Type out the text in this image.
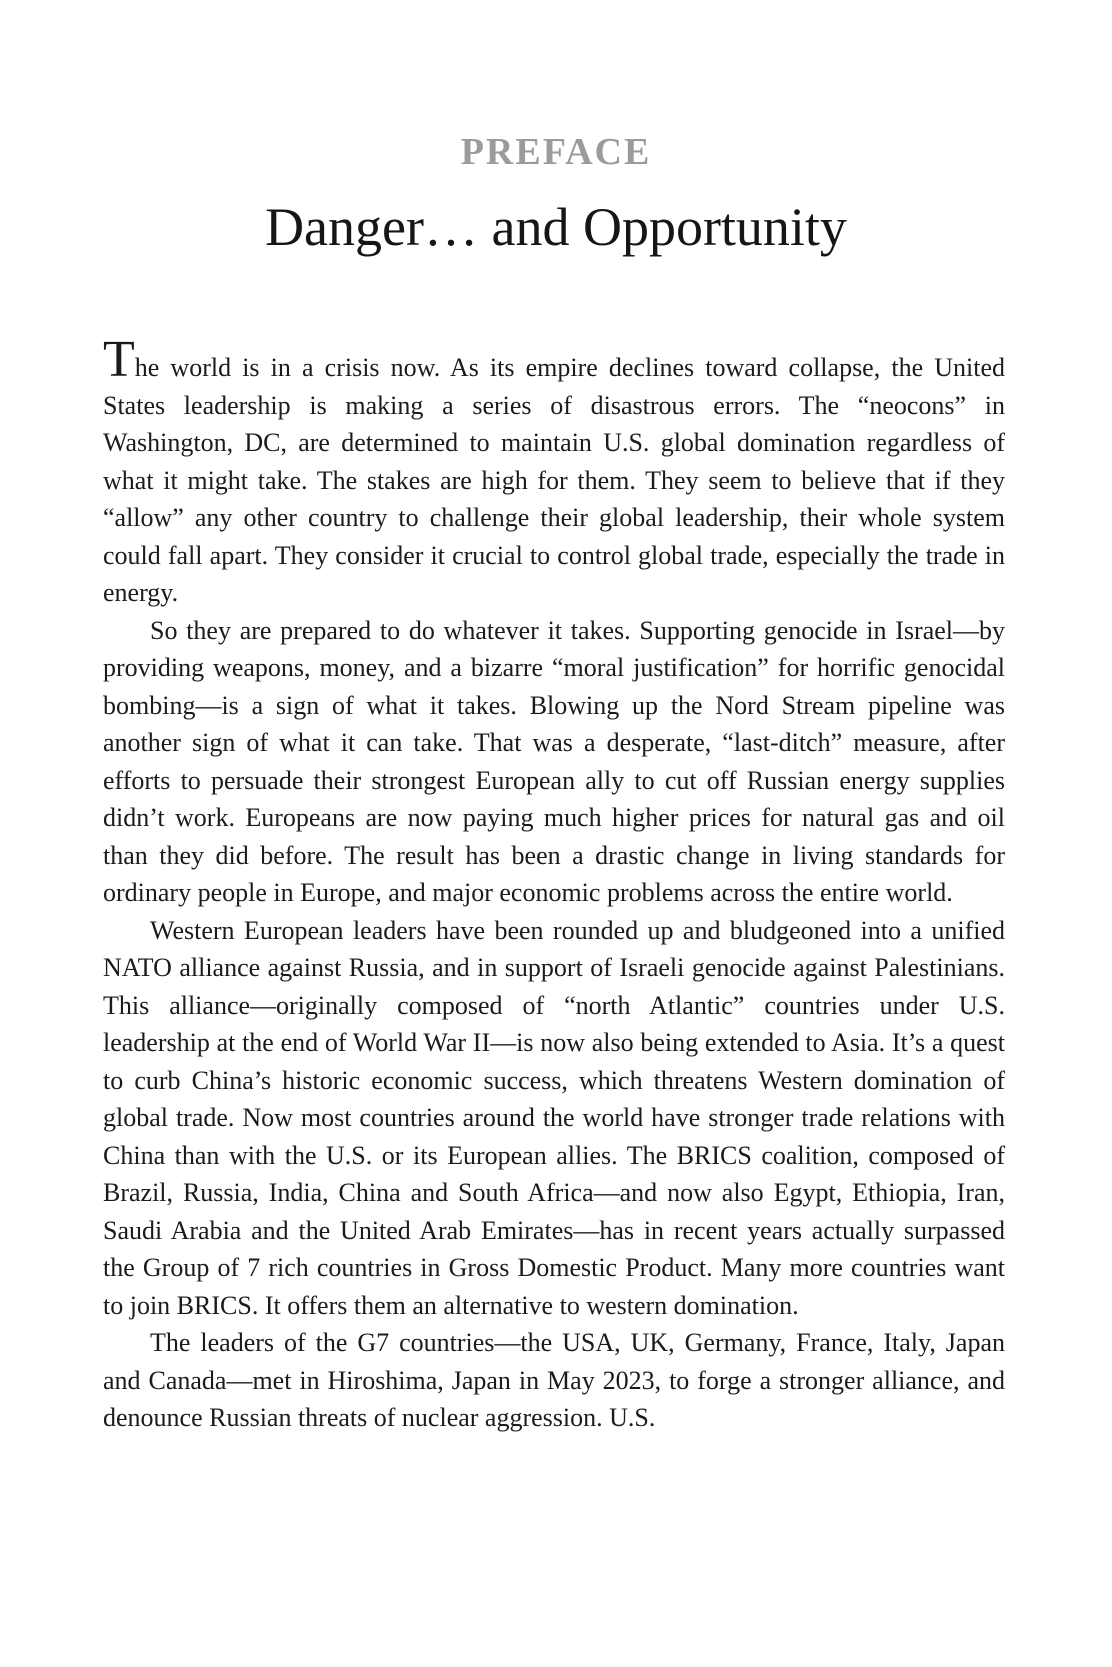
PREFACE
Danger… and Opportunity

The world is in a crisis now. As its empire declines toward collapse, the United States leadership is making a series of disastrous errors. The “neocons” in Washington, DC, are determined to maintain U.S. global domination regardless of what it might take. The stakes are high for them. They seem to believe that if they “allow” any other country to challenge their global leadership, their whole system could fall apart. They consider it crucial to control global trade, especially the trade in energy.

So they are prepared to do whatever it takes. Supporting genocide in Israel—by providing weapons, money, and a bizarre “moral justification” for horrific genocidal bombing—is a sign of what it takes. Blowing up the Nord Stream pipeline was another sign of what it can take. That was a desperate, “last-ditch” measure, after efforts to persuade their strongest European ally to cut off Russian energy supplies didn’t work. Europeans are now paying much higher prices for natural gas and oil than they did before. The result has been a drastic change in living standards for ordinary people in Europe, and major economic problems across the entire world.

Western European leaders have been rounded up and bludgeoned into a unified NATO alliance against Russia, and in support of Israeli genocide against Palestinians. This alliance—originally composed of “north Atlantic” countries under U.S. leadership at the end of World War II—is now also being extended to Asia. It’s a quest to curb China’s historic economic success, which threatens Western domination of global trade. Now most countries around the world have stronger trade relations with China than with the U.S. or its European allies. The BRICS coalition, composed of Brazil, Russia, India, China and South Africa—and now also Egypt, Ethiopia, Iran, Saudi Arabia and the United Arab Emirates—has in recent years actually surpassed the Group of 7 rich countries in Gross Domestic Product. Many more countries want to join BRICS. It offers them an alternative to western domination.

The leaders of the G7 countries—the USA, UK, Germany, France, Italy, Japan and Canada—met in Hiroshima, Japan in May 2023, to forge a stronger alliance, and denounce Russian threats of nuclear aggression. U.S.
